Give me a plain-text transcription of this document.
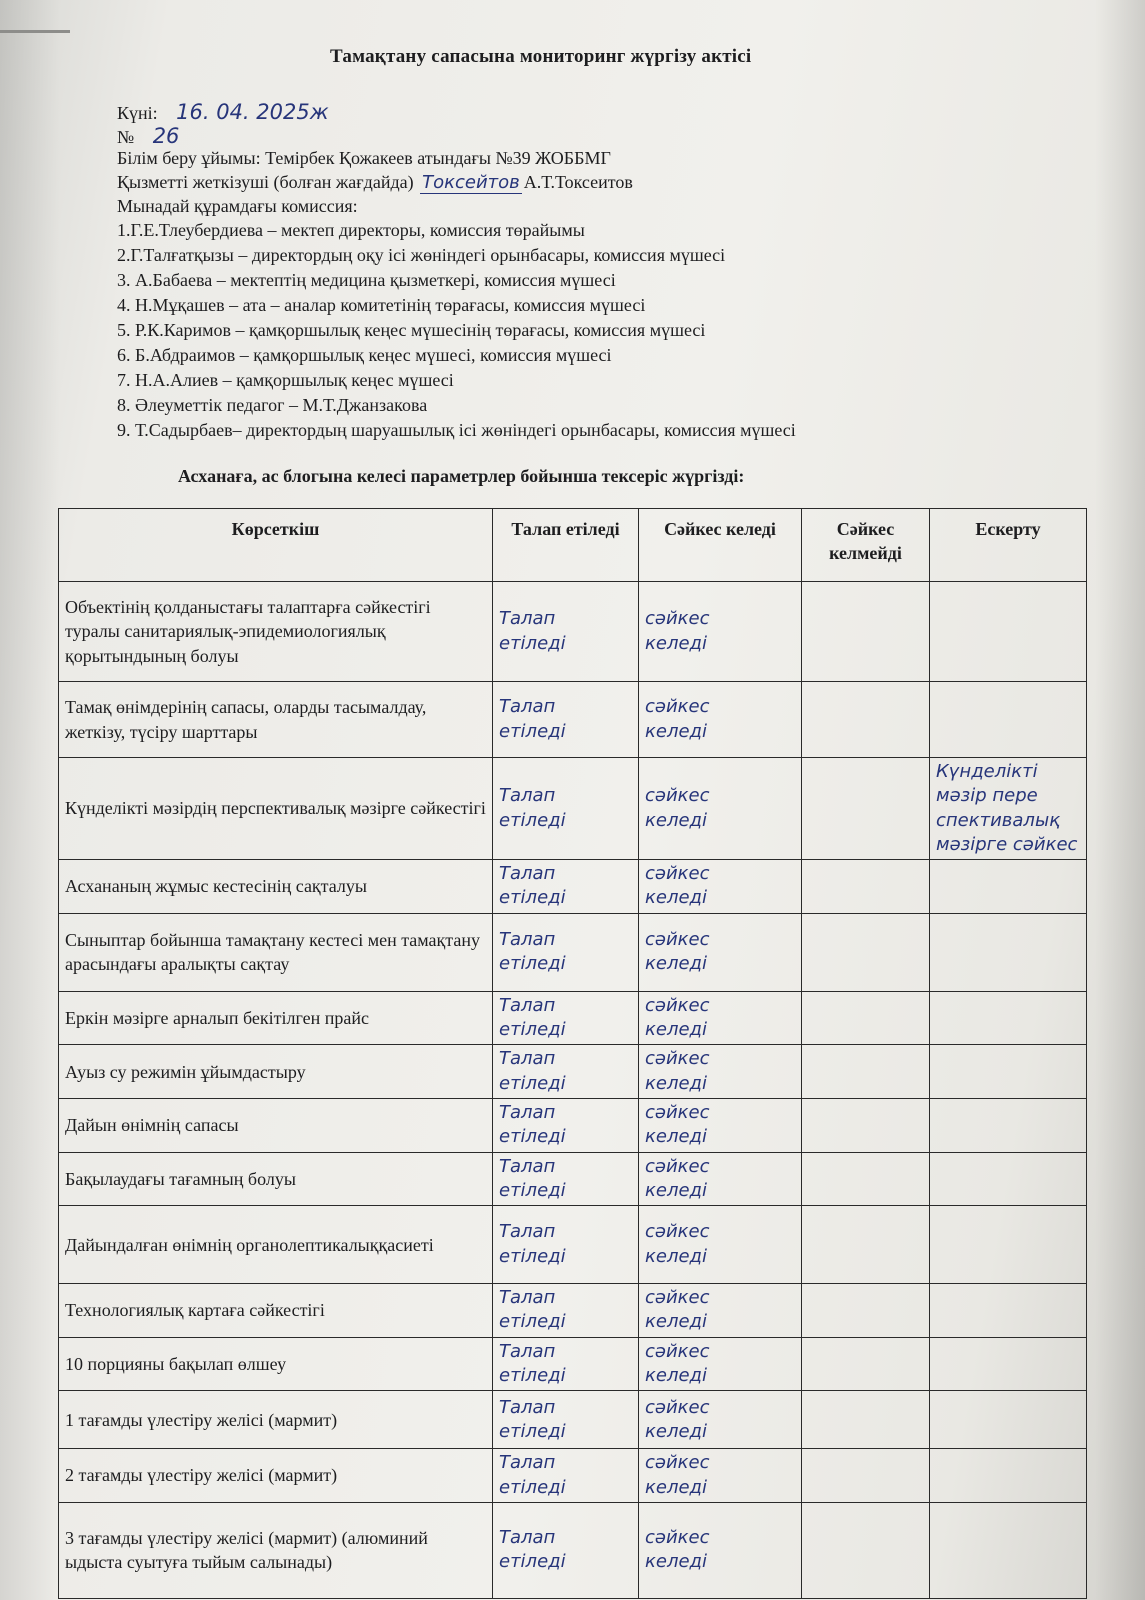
Тамақтану сапасына мониторинг жүргізу актісі
Күні: 16. 04. 2025ж
№ 26
Білім беру ұйымы: Темірбек Қожакеев атындағы №39 ЖОББМГ
Қызметті жеткізуші (болған жағдайда) Токсейтов А.Т.Токсеитов
Мынадай құрамдағы комиссия:
1.Г.Е.Тлеубердиева – мектеп директоры, комиссия төрайымы
2.Г.Талғатқызы – директордың оқу ісі жөніндегі орынбасары, комиссия мүшесі
3. А.Бабаева – мектептің медицина қызметкері, комиссия мүшесі
4. Н.Мұқашев – ата – аналар комитетінің төрағасы, комиссия мүшесі
5. Р.К.Каримов – қамқоршылық кеңес мүшесінің төрағасы, комиссия мүшесі
6. Б.Абдраимов – қамқоршылық кеңес мүшесі, комиссия мүшесі
7. Н.А.Алиев – қамқоршылық кеңес мүшесі
8. Әлеуметтік педагог – М.Т.Джанзакова
9. Т.Садырбаев– директордың шаруашылық ісі жөніндегі орынбасары, комиссия мүшесі
Асханаға, ас блогына келесі параметрлер бойынша тексеріс жүргізді:
Көрсеткіш	Талап етіледі	Сәйкес келеді	Сәйкес келмейді	Ескерту
Объектінің қолданыстағы талаптарға сәйкестігі туралы санитариялық-эпидемиологиялық қорытындының болуы	Талап
етіледі	сәйкес
келеді		

Тамақ өнімдерінің сапасы, оларды тасымалдау, жеткізу, түсіру шарттары	Талап
етіледі	сәйкес
келеді		

Күнделікті мәзірдің перспективалық мәзірге сәйкестігі	Талап
етіледі	сәйкес
келеді		Күнделікті
мәзір пере
спективалық
мәзірге сәйкес

Асхананың жұмыс кестесінің сақталуы	Талап
етіледі	сәйкес
келеді		

Сыныптар бойынша тамақтану кестесі мен тамақтану арасындағы аралықты сақтау	Талап
етіледі	сәйкес
келеді		

Еркін мәзірге арналып бекітілген прайс	Талап
етіледі	сәйкес
келеді		

Ауыз су режимін ұйымдастыру	Талап
етіледі	сәйкес
келеді		

Дайын өнімнің сапасы	Талап
етіледі	сәйкес
келеді		

Бақылаудағы тағамның болуы	Талап
етіледі	сәйкес
келеді		

Дайындалған өнімнің органолептикалыққасиеті	Талап
етіледі	сәйкес
келеді		

Технологиялық картаға сәйкестігі	Талап
етіледі	сәйкес
келеді		

10 порцияны бақылап өлшеу	Талап
етіледі	сәйкес
келеді		

1 тағамды үлестіру желісі (мармит)	Талап
етіледі	сәйкес
келеді		

2 тағамды үлестіру желісі (мармит)	Талап
етіледі	сәйкес
келеді		

3 тағамды үлестіру желісі (мармит) (алюминий ыдыста суытуға тыйым салынады)	Талап
етіледі	сәйкес
келеді		
